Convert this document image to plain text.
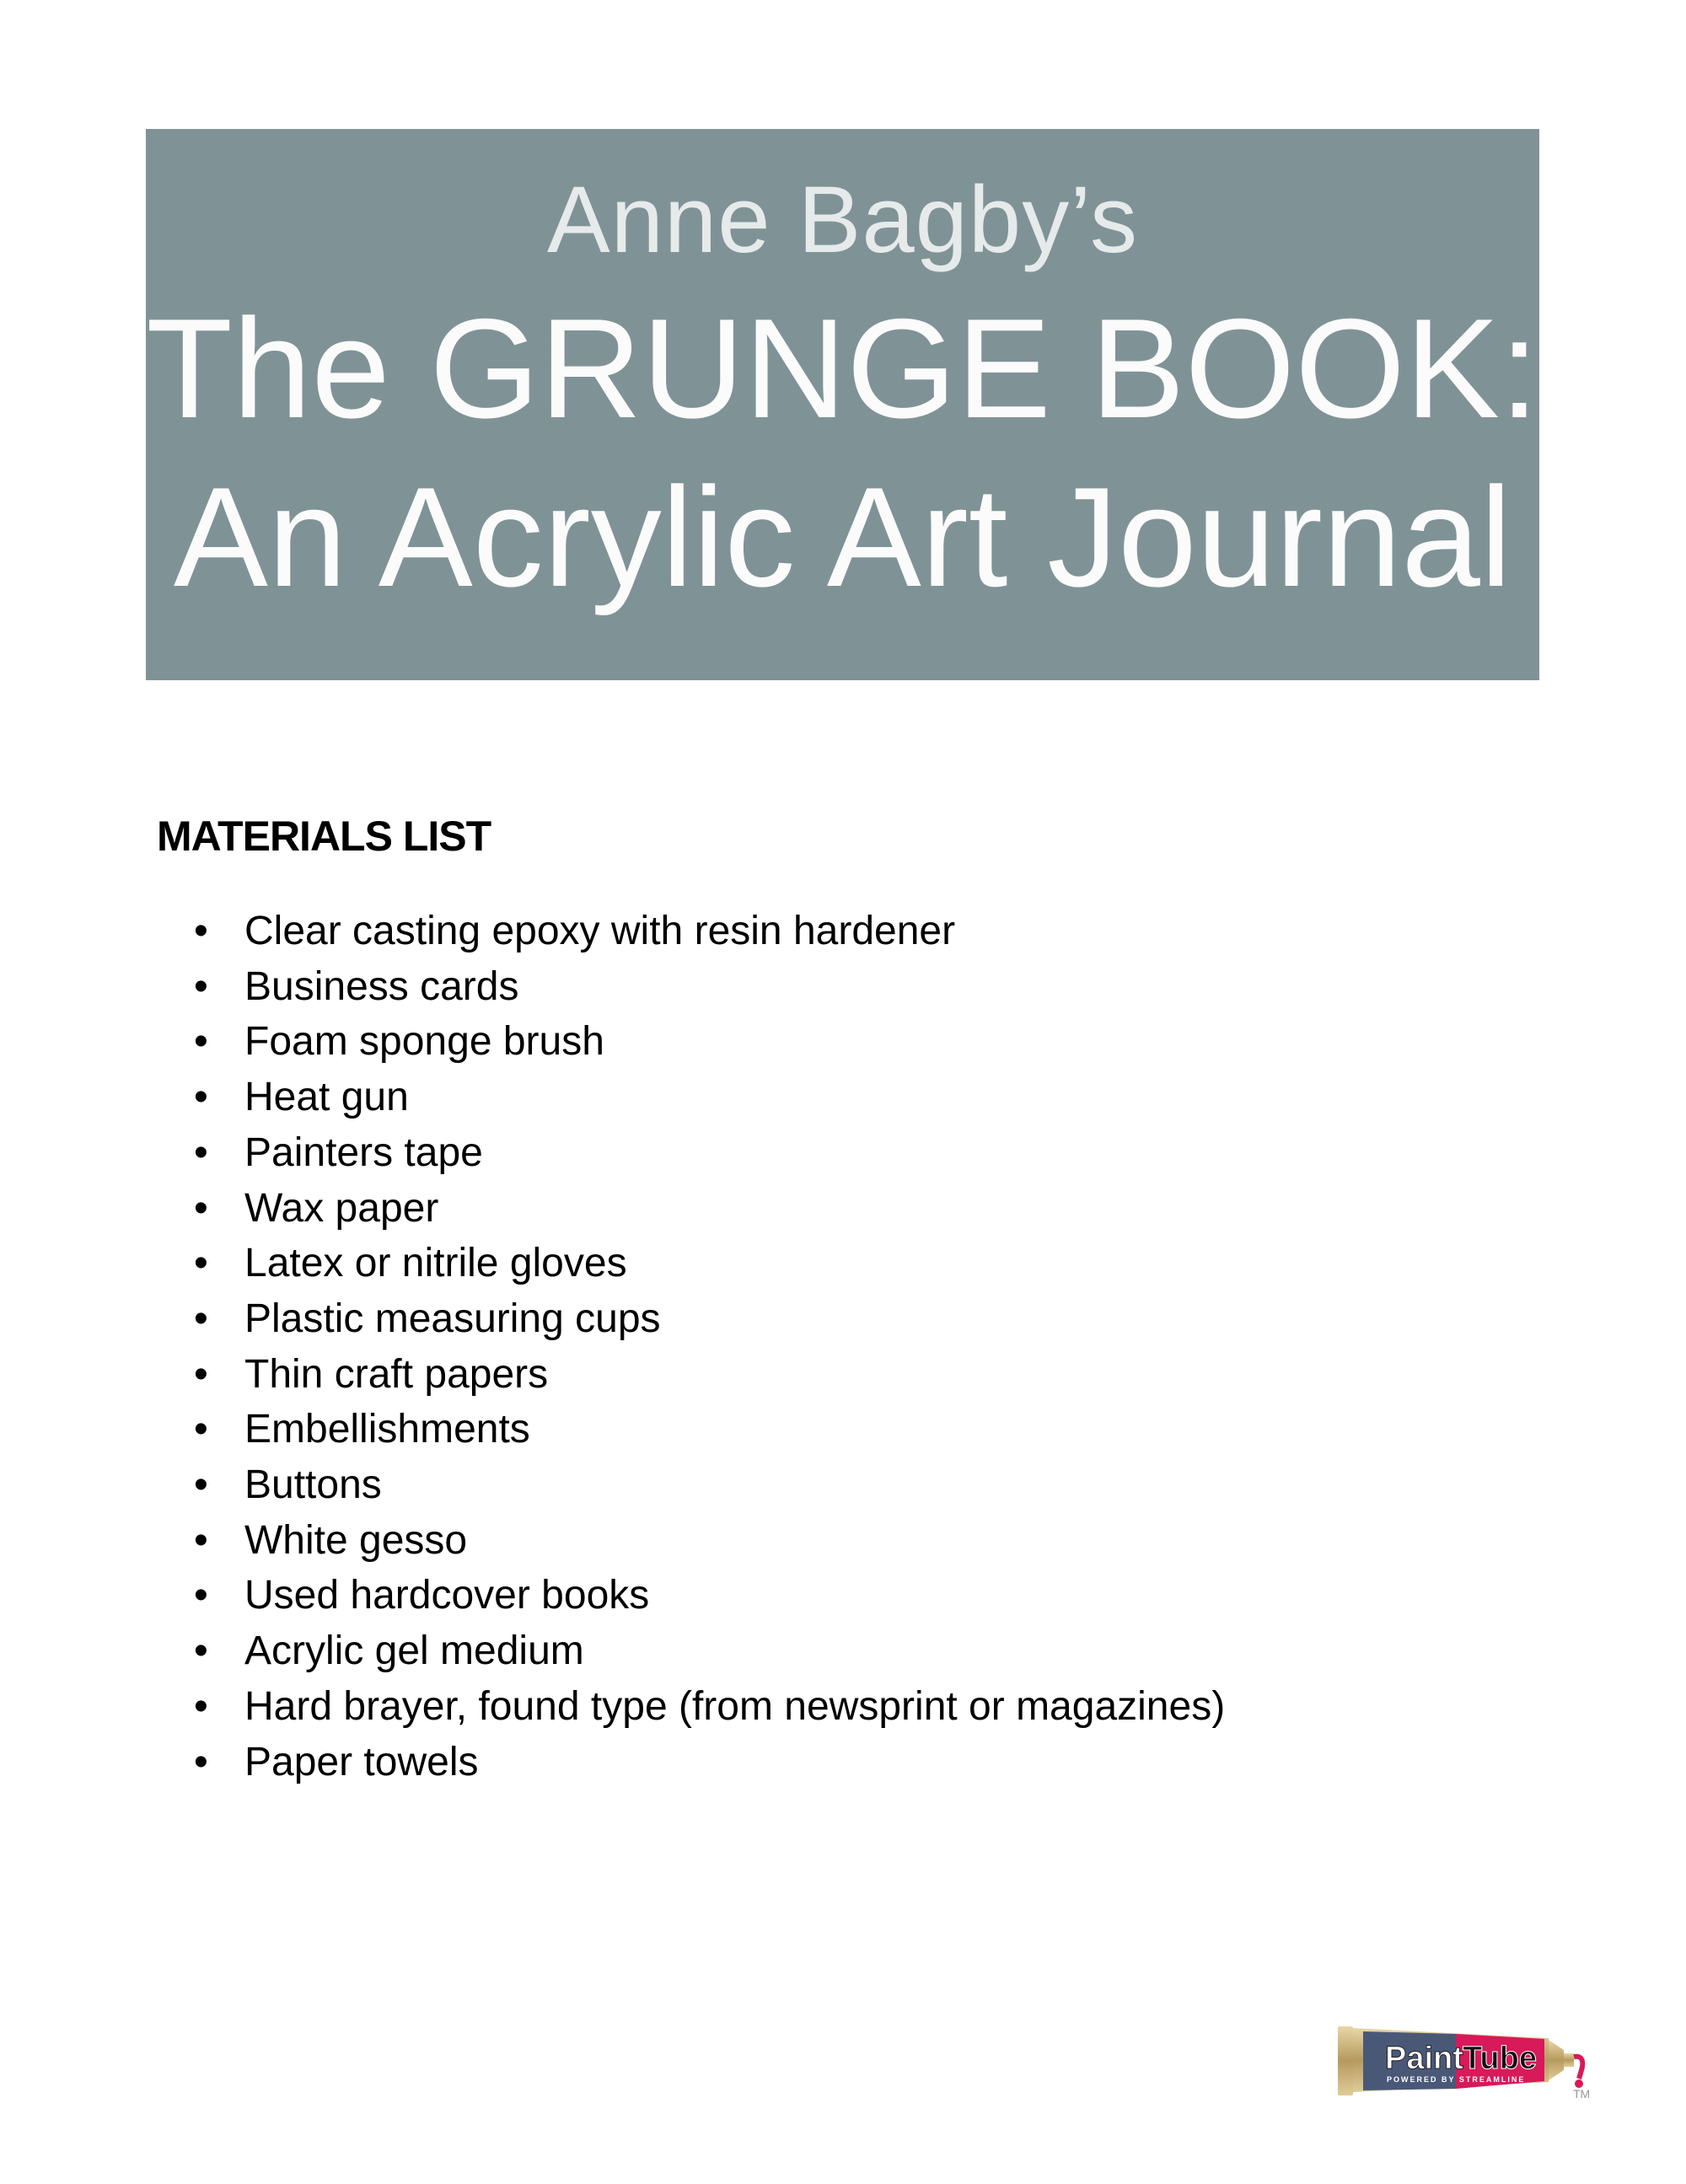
Anne Bagby’s
The GRUNGE BOOK:
An Acrylic Art Journal
MATERIALS LIST
• Clear casting epoxy with resin hardener
• Business cards
• Foam sponge brush
• Heat gun
• Painters tape
• Wax paper
• Latex or nitrile gloves
• Plastic measuring cups
• Thin craft papers
• Embellishments
• Buttons
• White gesso
• Used hardcover books
• Acrylic gel medium
• Hard brayer, found type (from newsprint or magazines)
• Paper towels
Paint Tube
POWERED BY STREAMLINE
TM
